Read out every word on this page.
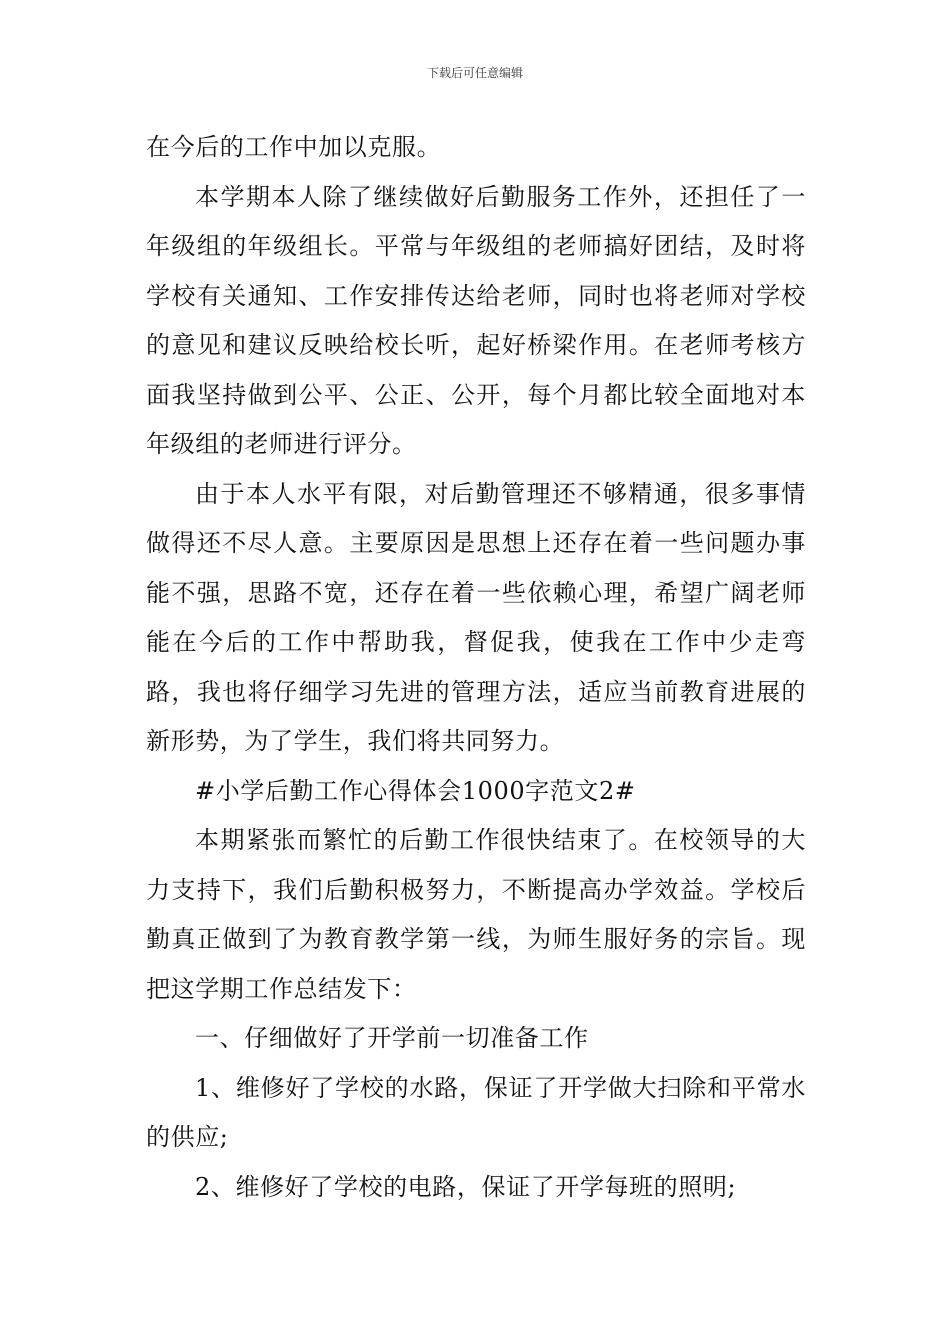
下载后可任意编辑

在今后的工作中加以克服。

本学期本人除了继续做好后勤服务工作外，还担任了一年级组的年级组长。平常与年级组的老师搞好团结，及时将学校有关通知、工作安排传达给老师，同时也将老师对学校的意见和建议反映给校长听，起好桥梁作用。在老师考核方面我坚持做到公平、公正、公开，每个月都比较全面地对本年级组的老师进行评分。

由于本人水平有限，对后勤管理还不够精通，很多事情做得还不尽人意。主要原因是思想上还存在着一些问题办事能不强，思路不宽，还存在着一些依赖心理，希望广阔老师能在今后的工作中帮助我，督促我，使我在工作中少走弯路，我也将仔细学习先进的管理方法，适应当前教育进展的新形势，为了学生，我们将共同努力。

#小学后勤工作心得体会1000字范文2#

本期紧张而繁忙的后勤工作很快结束了。在校领导的大力支持下，我们后勤积极努力，不断提高办学效益。学校后勤真正做到了为教育教学第一线，为师生服好务的宗旨。现把这学期工作总结发下：

一、仔细做好了开学前一切准备工作

1、维修好了学校的水路，保证了开学做大扫除和平常水的供应;

2、维修好了学校的电路，保证了开学每班的照明;
